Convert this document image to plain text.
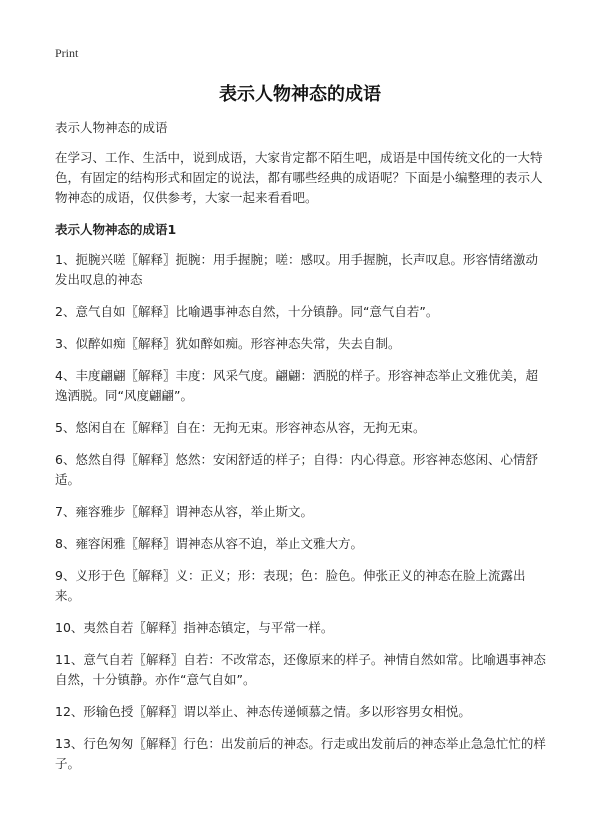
Print
表示人物神态的成语

表示人物神态的成语

在学习、工作、生活中，说到成语，大家肯定都不陌生吧，成语是中国传统文化的一大特色，有固定的结构形式和固定的说法，都有哪些经典的成语呢？下面是小编整理的表示人物神态的成语，仅供参考，大家一起来看看吧。

表示人物神态的成语1

1、扼腕兴嗟〖解释〗扼腕：用手握腕；嗟：感叹。用手握腕，长声叹息。形容情绪激动发出叹息的神态

2、意气自如〖解释〗比喻遇事神态自然，十分镇静。同“意气自若”。

3、似醉如痴〖解释〗犹如醉如痴。形容神态失常，失去自制。

4、丰度翩翩〖解释〗丰度：风采气度。翩翩：洒脱的样子。形容神态举止文雅优美，超逸洒脱。同“风度翩翩”。

5、悠闲自在〖解释〗自在：无拘无束。形容神态从容，无拘无束。

6、悠然自得〖解释〗悠然：安闲舒适的样子；自得：内心得意。形容神态悠闲、心情舒适。

7、雍容雅步〖解释〗谓神态从容，举止斯文。

8、雍容闲雅〖解释〗谓神态从容不迫，举止文雅大方。

9、义形于色〖解释〗义：正义；形：表现；色：脸色。伸张正义的神态在脸上流露出来。

10、夷然自若〖解释〗指神态镇定，与平常一样。

11、意气自若〖解释〗自若：不改常态，还像原来的样子。神情自然如常。比喻遇事神态自然，十分镇静。亦作“意气自如”。

12、形输色授〖解释〗谓以举止、神态传递倾慕之情。多以形容男女相悦。

13、行色匆匆〖解释〗行色：出发前后的神态。行走或出发前后的神态举止急急忙忙的样子。
